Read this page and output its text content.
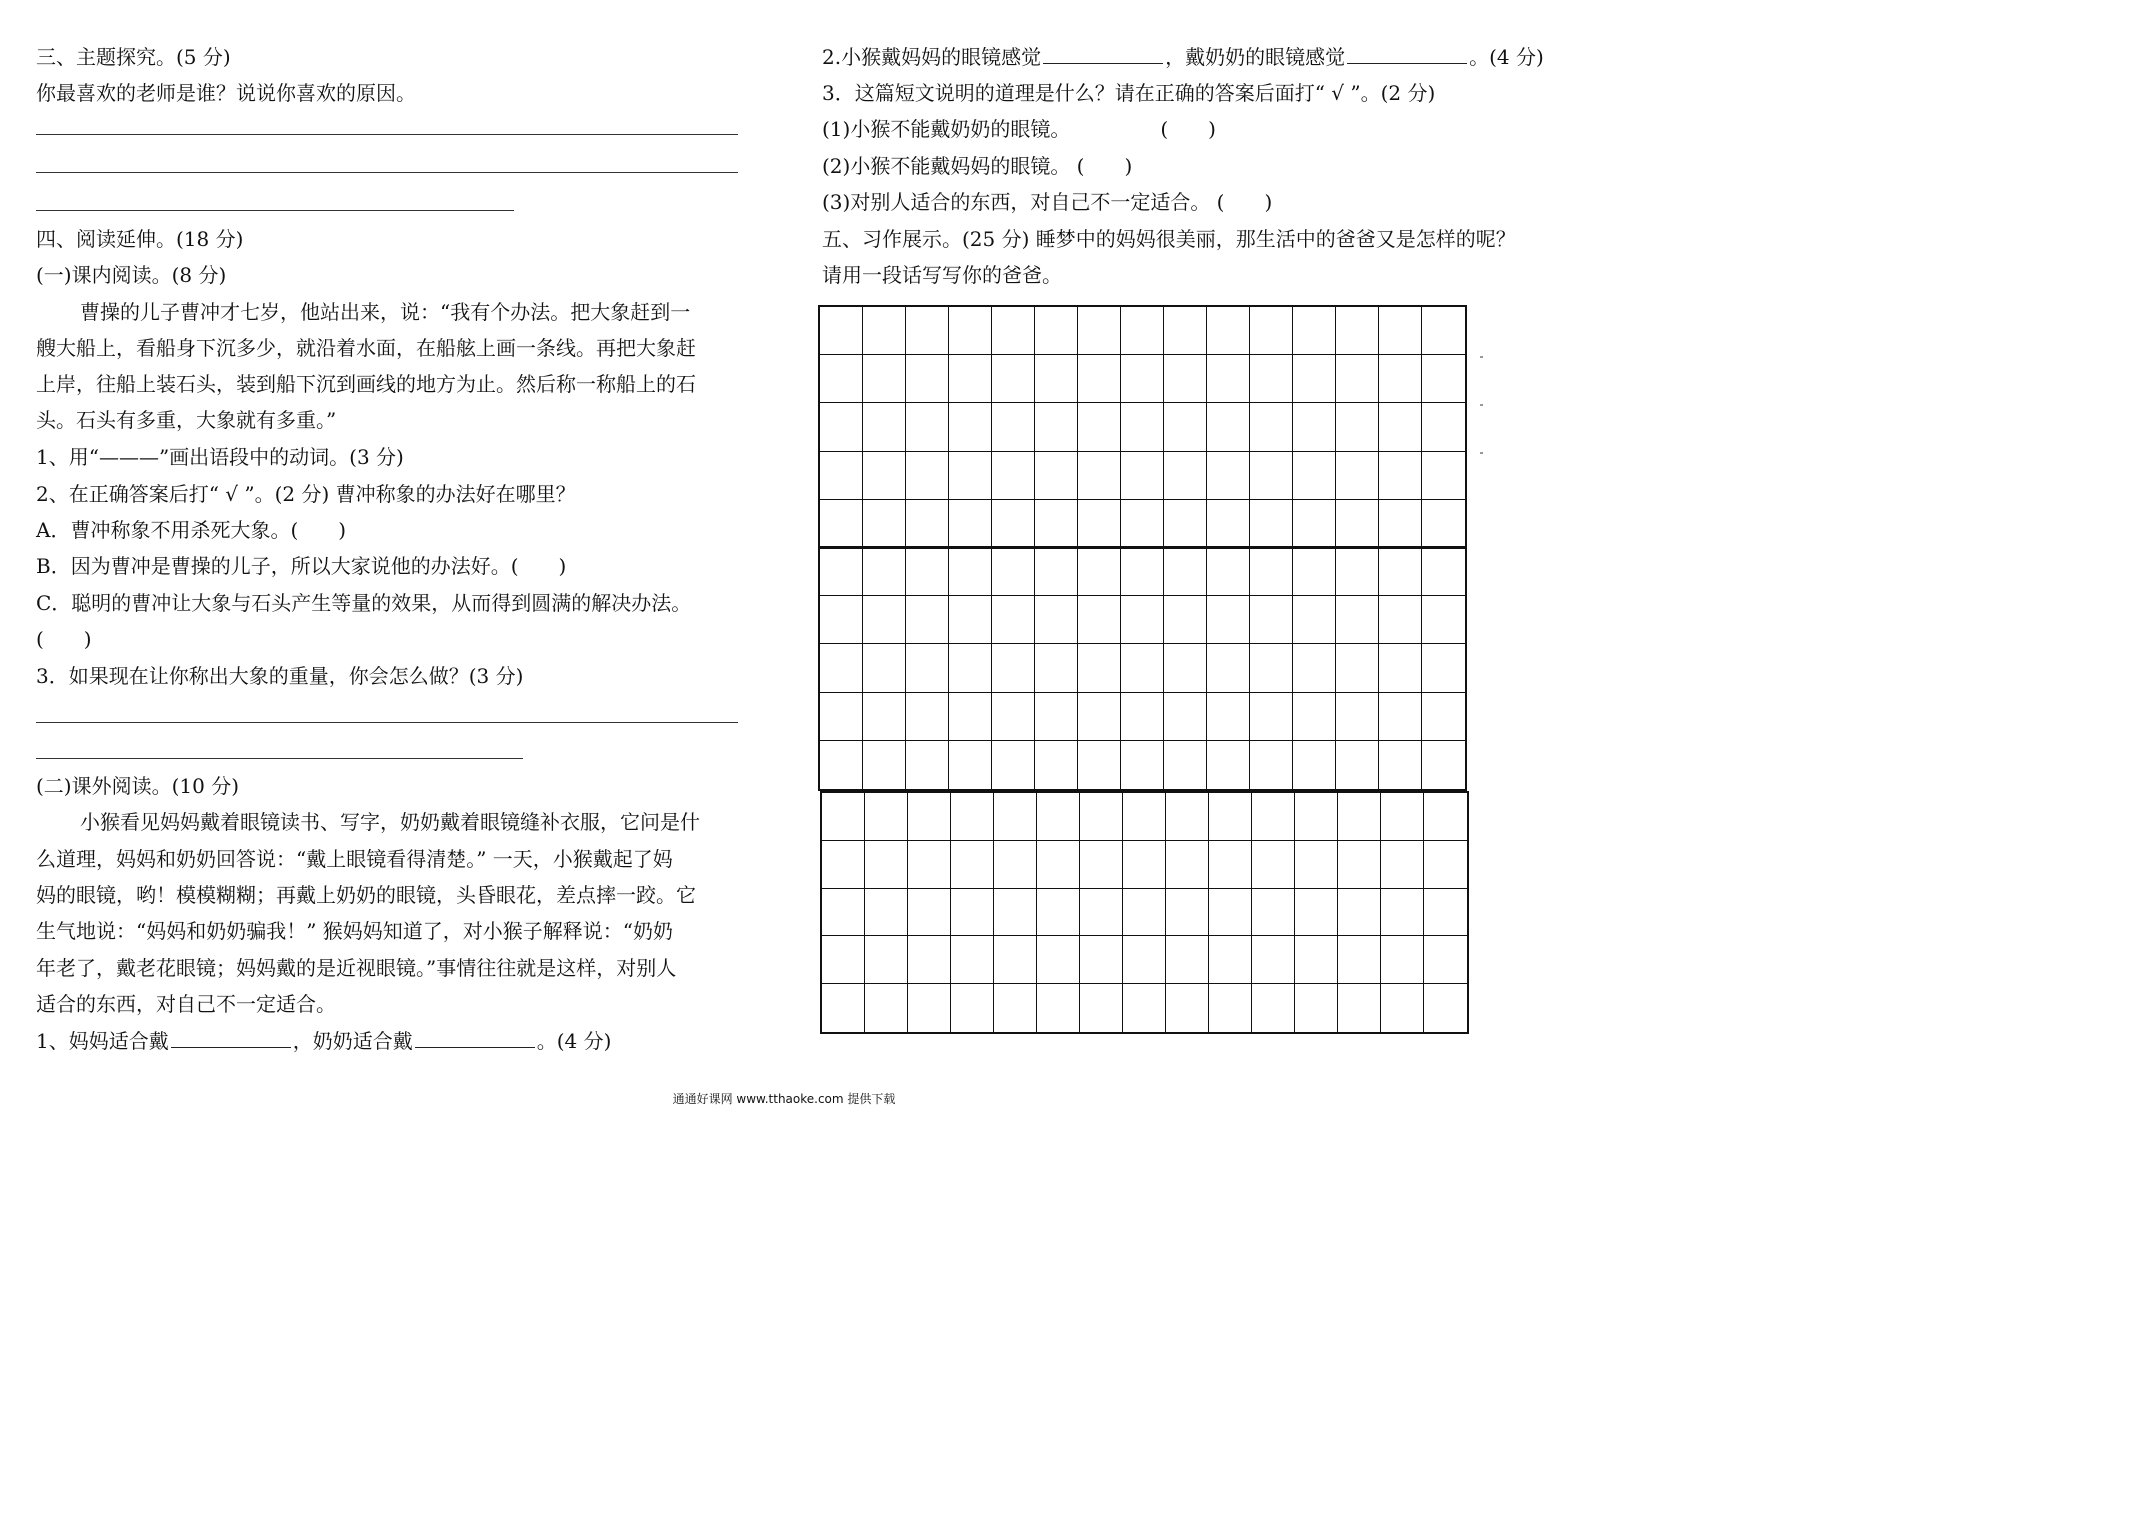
三、主题探究。(5 分)
你最喜欢的老师是谁？说说你喜欢的原因。
四、阅读延伸。(18 分)
(一)课内阅读。(8 分)
曹操的儿子曹冲才七岁，他站出来，说：“我有个办法。把大象赶到一
艘大船上，看船身下沉多少，就沿着水面，在船舷上画一条线。再把大象赶
上岸，往船上装石头，装到船下沉到画线的地方为止。然后称一称船上的石
头。石头有多重，大象就有多重。”
1、用“———”画出语段中的动词。(3 分)
2、在正确答案后打“ √ ”。(2 分) 曹冲称象的办法好在哪里？
A．曹冲称象不用杀死大象。(　　)
B．因为曹冲是曹操的儿子，所以大家说他的办法好。(　　)
C．聪明的曹冲让大象与石头产生等量的效果，从而得到圆满的解决办法。
(　　)
3．如果现在让你称出大象的重量，你会怎么做？(3 分)
(二)课外阅读。(10 分)
小猴看见妈妈戴着眼镜读书、写字，奶奶戴着眼镜缝补衣服，它问是什
么道理，妈妈和奶奶回答说：“戴上眼镜看得清楚。” 一天，小猴戴起了妈
妈的眼镜，哟！模模糊糊；再戴上奶奶的眼镜，头昏眼花，差点摔一跤。它
生气地说：“妈妈和奶奶骗我！” 猴妈妈知道了，对小猴子解释说：“奶奶
年老了，戴老花眼镜；妈妈戴的是近视眼镜。”事情往往就是这样，对别人
适合的东西，对自己不一定适合。
1、妈妈适合戴	，奶奶适合戴	。(4 分)
2.小猴戴妈妈的眼镜感觉	，戴奶奶的眼镜感觉	。(4 分)
3．这篇短文说明的道理是什么？请在正确的答案后面打“ √ ”。(2 分)
(1)小猴不能戴奶奶的眼镜。　　　　　(　　)
(2)小猴不能戴妈妈的眼镜。 (　　)
(3)对别人适合的东西，对自己不一定适合。 (　　)
五、习作展示。(25 分) 睡梦中的妈妈很美丽，那生活中的爸爸又是怎样的呢？
请用一段话写写你的爸爸。
通通好课网 www.tthaoke.com 提供下载
